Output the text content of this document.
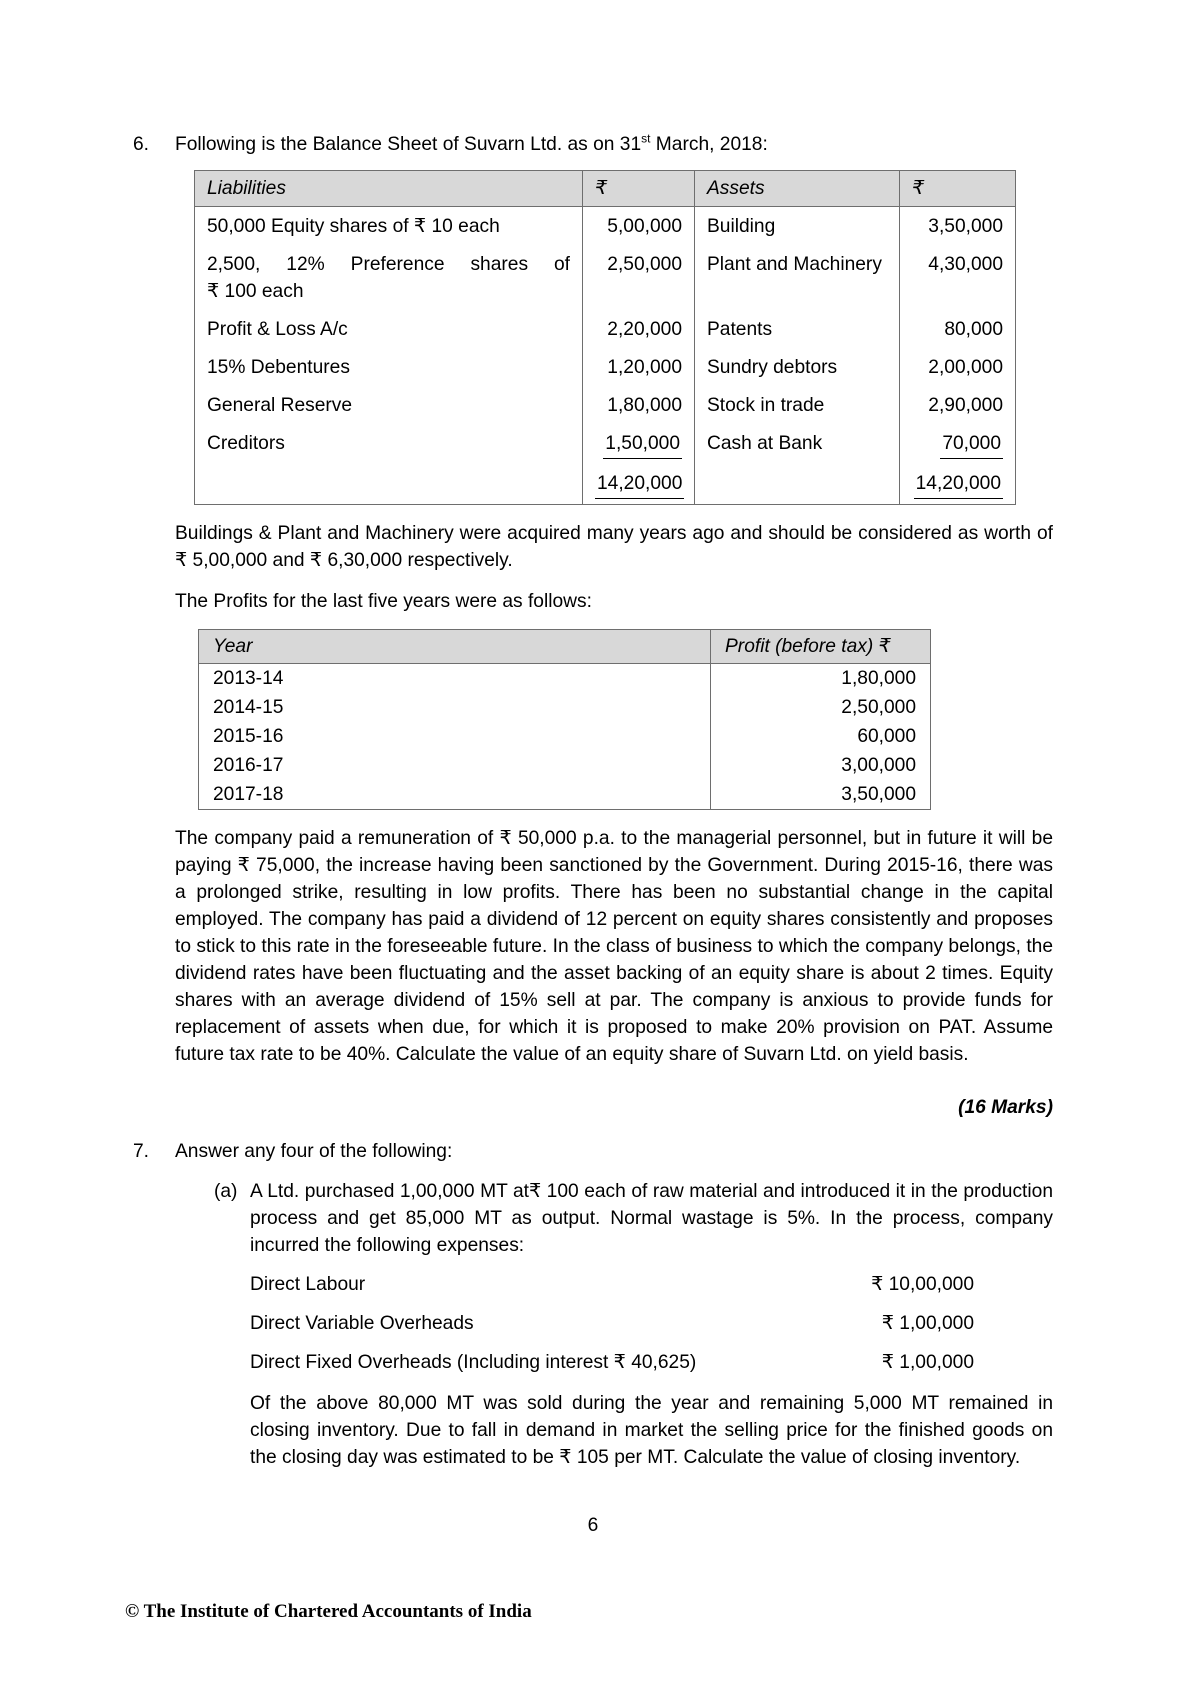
6.	Following is the Balance Sheet of Suvarn Ltd. as on 31st March, 2018:
Liabilities	₹	Assets	₹
50,000 Equity shares of ₹ 10 each	5,00,000	Building	3,50,000

2,500, 12% Preference shares of
₹ 100 each	2,50,000	Plant and Machinery	4,30,000
Profit & Loss A/c	2,20,000	Patents	80,000
15% Debentures	1,20,000	Sundry debtors	2,00,000
General Reserve	1,80,000	Stock in trade	2,90,000
Creditors	1,50,000	Cash at Bank	70,000
	14,20,000		14,20,000

Buildings & Plant and Machinery were acquired many years ago and should be considered as worth of ₹ 5,00,000 and ₹ 6,30,000 respectively.

The Profits for the last five years were as follows:

Year	Profit (before tax) ₹
2013-14	1,80,000
2014-15	2,50,000
2015-16	60,000
2016-17	3,00,000
2017-18	3,50,000

The company paid a remuneration of ₹ 50,000 p.a. to the managerial personnel, but in future it will be paying ₹ 75,000, the increase having been sanctioned by the Government. During 2015-16, there was a prolonged strike, resulting in low profits. There has been no substantial change in the capital employed. The company has paid a dividend of 12 percent on equity shares consistently and proposes to stick to this rate in the foreseeable future. In the class of business to which the company belongs, the dividend rates have been fluctuating and the asset backing of an equity share is about 2 times. Equity shares with an average dividend of 15% sell at par. The company is anxious to provide funds for replacement of assets when due, for which it is proposed to make 20% provision on PAT. Assume future tax rate to be 40%. Calculate the value of an equity share of Suvarn Ltd. on yield basis.

(16 Marks)

7.	Answer any four of the following:
(a) A Ltd. purchased 1,00,000 MT at₹ 100 each of raw material and introduced it in the production process and get 85,000 MT as output. Normal wastage is 5%. In the process, company incurred the following expenses:
Direct Labour	₹ 10,00,000
Direct Variable Overheads	₹ 1,00,000
Direct Fixed Overheads (Including interest ₹ 40,625)	₹ 1,00,000

Of the above 80,000 MT was sold during the year and remaining 5,000 MT remained in closing inventory. Due to fall in demand in market the selling price for the finished goods on the closing day was estimated to be ₹ 105 per MT. Calculate the value of closing inventory.

6
© The Institute of Chartered Accountants of India
